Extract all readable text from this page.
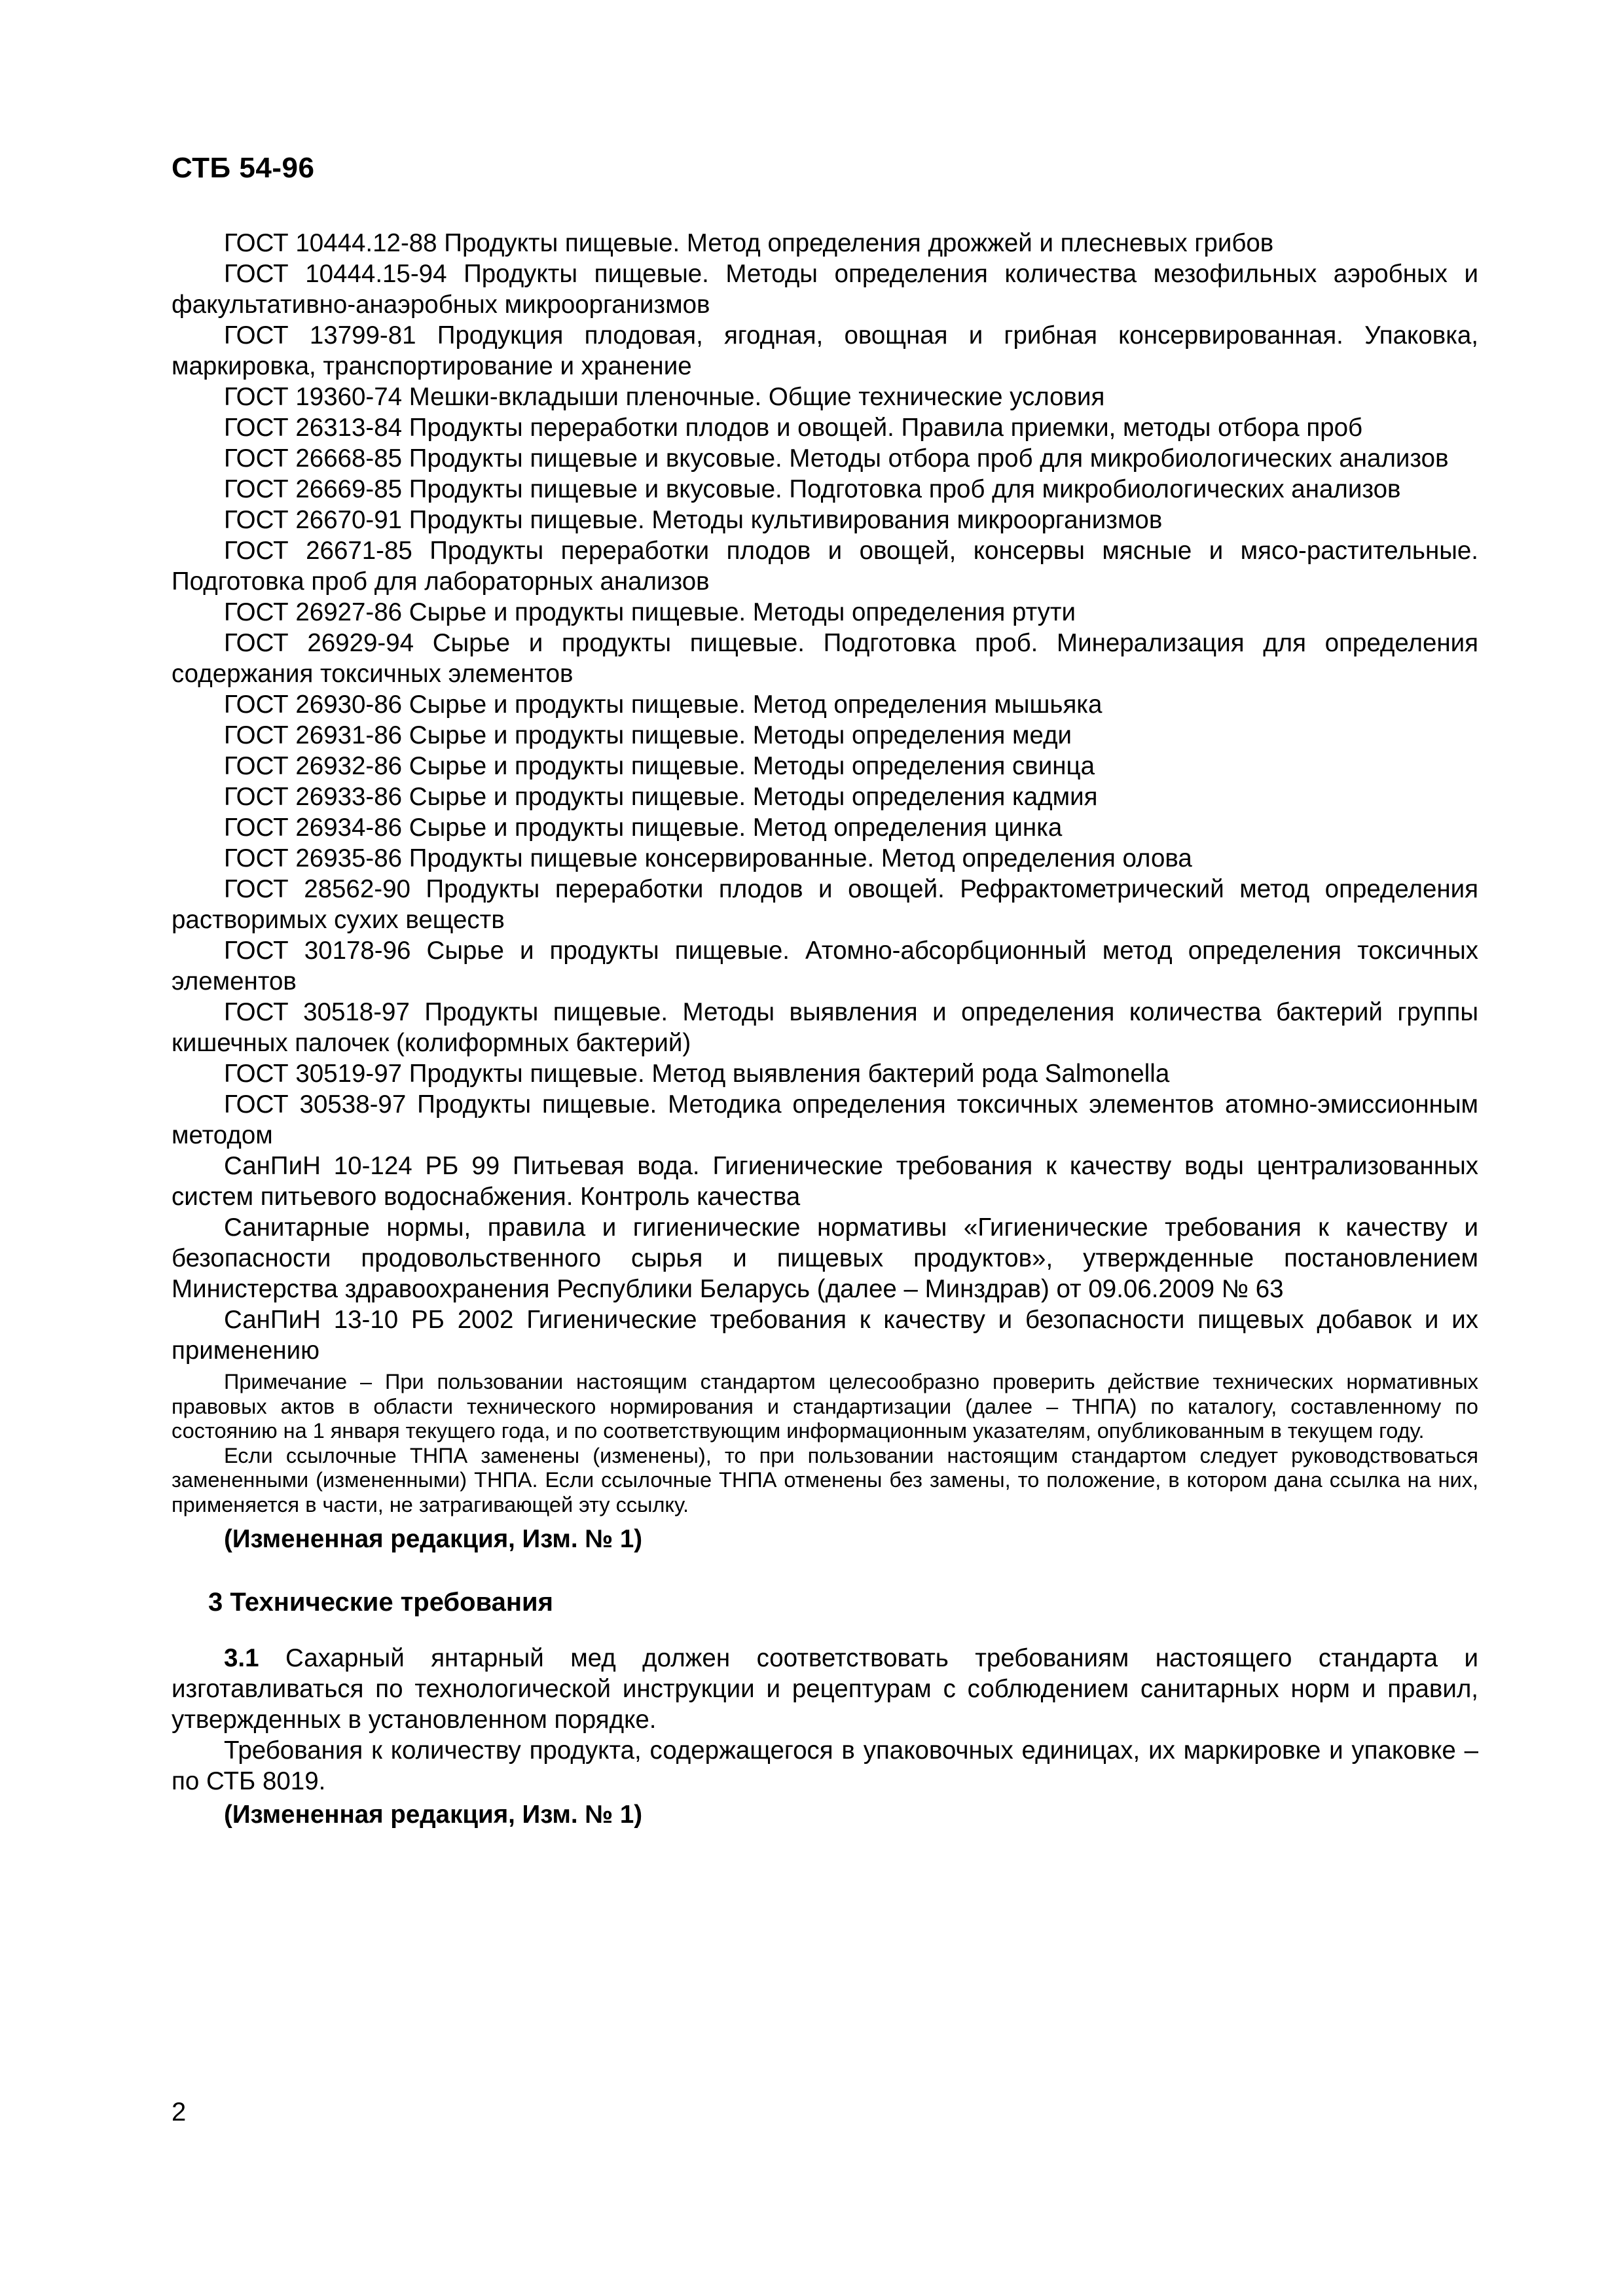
СТБ 54-96

ГОСТ 10444.12-88 Продукты пищевые. Метод определения дрожжей и плесневых грибов

ГОСТ 10444.15-94 Продукты пищевые. Методы определения количества мезофильных аэробных и факультативно-анаэробных микроорганизмов

ГОСТ 13799-81 Продукция плодовая, ягодная, овощная и грибная консервированная. Упаковка, маркировка, транспортирование и хранение

ГОСТ 19360-74 Мешки-вкладыши пленочные. Общие технические условия

ГОСТ 26313-84 Продукты переработки плодов и овощей. Правила приемки, методы отбора проб

ГОСТ 26668-85 Продукты пищевые и вкусовые. Методы отбора проб для микробиологических анализов

ГОСТ 26669-85 Продукты пищевые и вкусовые. Подготовка проб для микробиологических анализов

ГОСТ 26670-91 Продукты пищевые. Методы культивирования микроорганизмов

ГОСТ 26671-85 Продукты переработки плодов и овощей, консервы мясные и мясо-растительные. Подготовка проб для лабораторных анализов

ГОСТ 26927-86 Сырье и продукты пищевые. Методы определения ртути

ГОСТ 26929-94 Сырье и продукты пищевые. Подготовка проб. Минерализация для определения содержания токсичных элементов

ГОСТ 26930-86 Сырье и продукты пищевые. Метод определения мышьяка

ГОСТ 26931-86 Сырье и продукты пищевые. Методы определения меди

ГОСТ 26932-86 Сырье и продукты пищевые. Методы определения свинца

ГОСТ 26933-86 Сырье и продукты пищевые. Методы определения кадмия

ГОСТ 26934-86 Сырье и продукты пищевые. Метод определения цинка

ГОСТ 26935-86 Продукты пищевые консервированные. Метод определения олова

ГОСТ 28562-90 Продукты переработки плодов и овощей. Рефрактометрический метод определения растворимых сухих веществ

ГОСТ 30178-96 Сырье и продукты пищевые. Атомно-абсорбционный метод определения токсичных элементов

ГОСТ 30518-97 Продукты пищевые. Методы выявления и определения количества бактерий группы кишечных палочек (колиформных бактерий)

ГОСТ 30519-97 Продукты пищевые. Метод выявления бактерий рода Salmonella

ГОСТ 30538-97 Продукты пищевые. Методика определения токсичных элементов атомно-эмиссионным методом

СанПиН 10-124 РБ 99 Питьевая вода. Гигиенические требования к качеству воды централизованных систем питьевого водоснабжения. Контроль качества

Санитарные нормы, правила и гигиенические нормативы «Гигиенические требования к качеству и безопасности продовольственного сырья и пищевых продуктов», утвержденные постановлением Министерства здравоохранения Республики Беларусь (далее – Минздрав) от 09.06.2009 № 63

СанПиН 13-10 РБ 2002 Гигиенические требования к качеству и безопасности пищевых добавок и их применению

Примечание – При пользовании настоящим стандартом целесообразно проверить действие технических нормативных правовых актов в области технического нормирования и стандартизации (далее – ТНПА) по каталогу, составленному по состоянию на 1 января текущего года, и по соответствующим информационным указателям, опубликованным в текущем году.

Если ссылочные ТНПА заменены (изменены), то при пользовании настоящим стандартом следует руководствоваться замененными (измененными) ТНПА. Если ссылочные ТНПА отменены без замены, то положение, в котором дана ссылка на них, применяется в части, не затрагивающей эту ссылку.

(Измененная редакция, Изм. № 1)

3 Технические требования

3.1 Сахарный янтарный мед должен соответствовать требованиям настоящего стандарта и изготавливаться по технологической инструкции и рецептурам с соблюдением санитарных норм и правил, утвержденных в установленном порядке.

Требования к количеству продукта, содержащегося в упаковочных единицах, их маркировке и упаковке – по СТБ 8019.

(Измененная редакция, Изм. № 1)

2
